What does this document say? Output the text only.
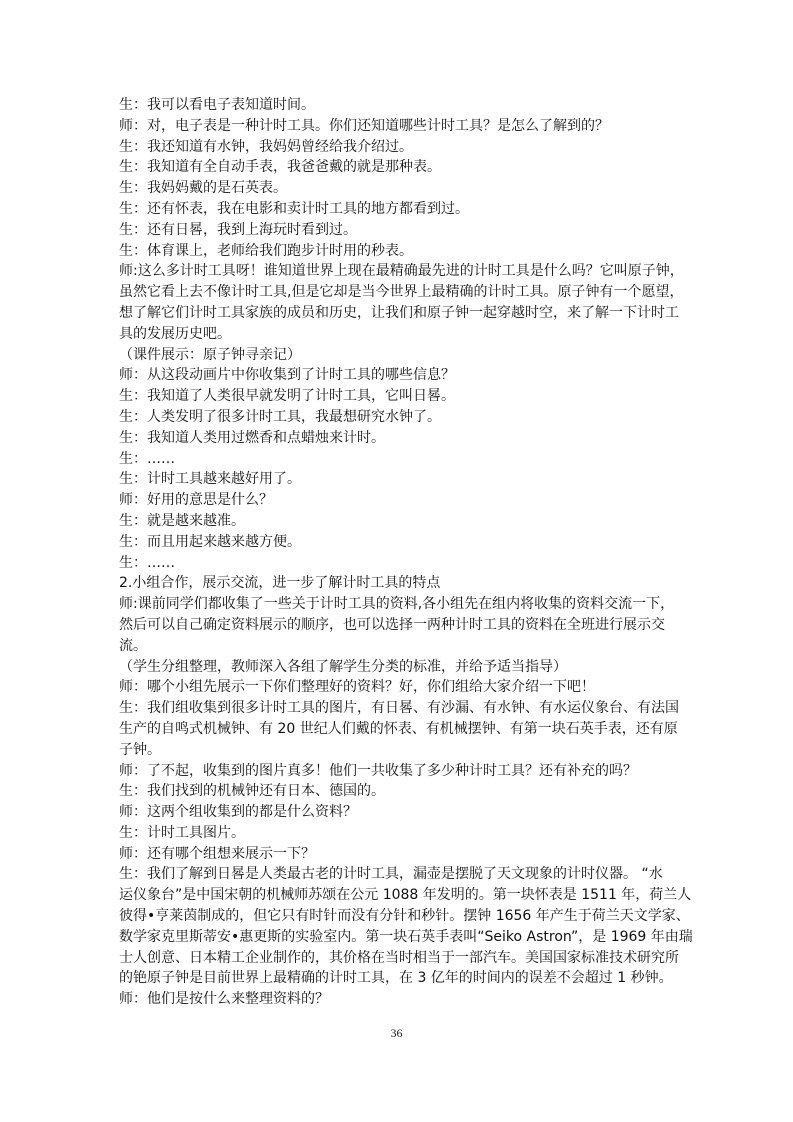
生：我可以看电子表知道时间。
师：对，电子表是一种计时工具。你们还知道哪些计时工具？是怎么了解到的？
生：我还知道有水钟，我妈妈曾经给我介绍过。
生：我知道有全自动手表，我爸爸戴的就是那种表。
生：我妈妈戴的是石英表。
生：还有怀表，我在电影和卖计时工具的地方都看到过。
生：还有日晷，我到上海玩时看到过。
生：体育课上，老师给我们跑步计时用的秒表。
师:这么多计时工具呀！谁知道世界上现在最精确最先进的计时工具是什么吗？它叫原子钟，
虽然它看上去不像计时工具,但是它却是当今世界上最精确的计时工具。原子钟有一个愿望，
想了解它们计时工具家族的成员和历史，让我们和原子钟一起穿越时空，来了解一下计时工
具的发展历史吧。
（课件展示：原子钟寻亲记）
师：从这段动画片中你收集到了计时工具的哪些信息？
生：我知道了人类很早就发明了计时工具，它叫日晷。
生：人类发明了很多计时工具，我最想研究水钟了。
生：我知道人类用过燃香和点蜡烛来计时。
生：……
生：计时工具越来越好用了。
师：好用的意思是什么？
生：就是越来越准。
生：而且用起来越来越方便。
生：……
2.小组合作，展示交流，进一步了解计时工具的特点
师:课前同学们都收集了一些关于计时工具的资料,各小组先在组内将收集的资料交流一下，
然后可以自己确定资料展示的顺序，也可以选择一两种计时工具的资料在全班进行展示交
流。
（学生分组整理，教师深入各组了解学生分类的标准，并给予适当指导）
师：哪个小组先展示一下你们整理好的资料？好，你们组给大家介绍一下吧！
生：我们组收集到很多计时工具的图片，有日晷、有沙漏、有水钟、有水运仪象台、有法国
生产的自鸣式机械钟、有 20 世纪人们戴的怀表、有机械摆钟、有第一块石英手表，还有原
子钟。
师：了不起，收集到的图片真多！他们一共收集了多少种计时工具？还有补充的吗？
生：我们找到的机械钟还有日本、德国的。
师：这两个组收集到的都是什么资料？
生：计时工具图片。
师：还有哪个组想来展示一下？
生：我们了解到日晷是人类最古老的计时工具，漏壶是摆脱了天文现象的计时仪器。 “水
运仪象台”是中国宋朝的机械师苏颂在公元 1088 年发明的。第一块怀表是 1511 年，荷兰人
彼得•亨莱茵制成的，但它只有时针而没有分针和秒针。摆钟 1656 年产生于荷兰天文学家、
数学家克里斯蒂安•惠更斯的实验室内。第一块石英手表叫“Seiko Astron”，是 1969 年由瑞
士人创意、日本精工企业制作的，其价格在当时相当于一部汽车。美国国家标准技术研究所
的铯原子钟是目前世界上最精确的计时工具，在 3 亿年的时间内的误差不会超过 1 秒钟。
师：他们是按什么来整理资料的？
36
